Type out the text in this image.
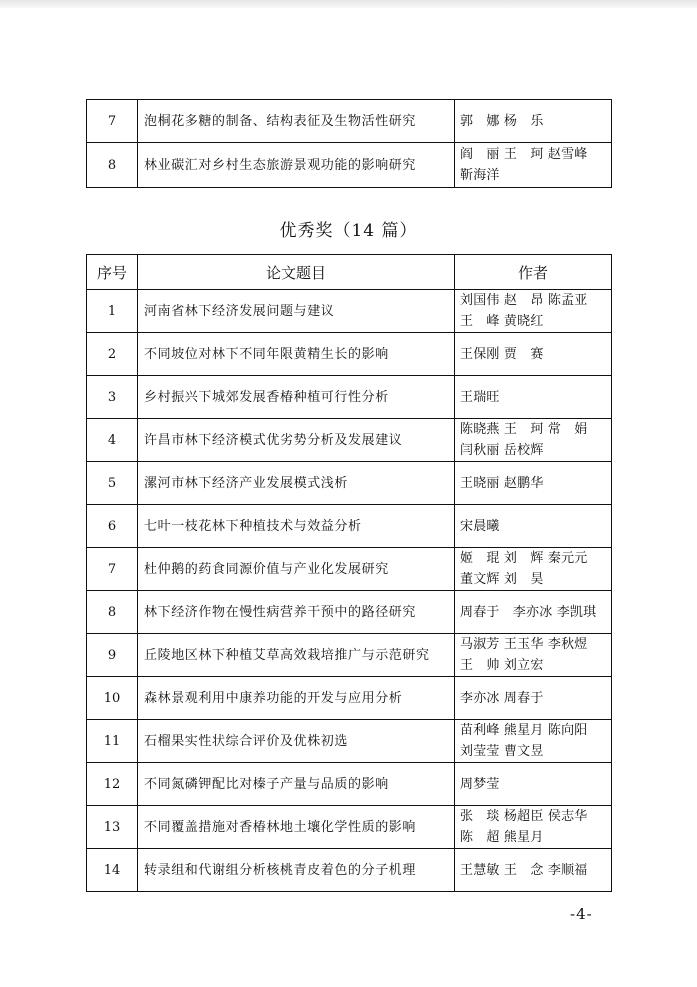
7	泡桐花多糖的制备、结构表征及生物活性研究	郭　娜 杨　乐

8	林业碳汇对乡村生态旅游景观功能的影响研究	阎　丽 王　珂 赵雪峰
靳海洋
优秀奖（14 篇）
序号	论文题目	作者
1	河南省林下经济发展问题与建议	刘国伟 赵　昂 陈孟亚
王　峰 黄晓红

2	不同坡位对林下不同年限黄精生长的影响	王保刚 贾　赛

3	乡村振兴下城郊发展香椿种植可行性分析	王瑞旺

4	许昌市林下经济模式优劣势分析及发展建议	陈晓燕 王　珂 常　娟
闫秋丽 岳校辉

5	漯河市林下经济产业发展模式浅析	王晓丽 赵鹏华

6	七叶一枝花林下种植技术与效益分析	宋晨曦

7	杜仲鹅的药食同源价值与产业化发展研究	姬　琨 刘　辉 秦元元
董文辉 刘　昊

8	林下经济作物在慢性病营养干预中的路径研究	周春于　李亦冰 李凯琪

9	丘陵地区林下种植艾草高效栽培推广与示范研究	马淑芳 王玉华 李秋煜
王　帅 刘立宏

10	森林景观利用中康养功能的开发与应用分析	李亦冰 周春于

11	石榴果实性状综合评价及优株初选	苗利峰 熊星月 陈向阳
刘莹莹 曹文昱

12	不同氮磷钾配比对榛子产量与品质的影响	周梦莹

13	不同覆盖措施对香椿林地土壤化学性质的影响	张　琰 杨超臣 侯志华
陈　超 熊星月

14	转录组和代谢组分析核桃青皮着色的分子机理	王慧敏 王　念 李顺福
-4-
